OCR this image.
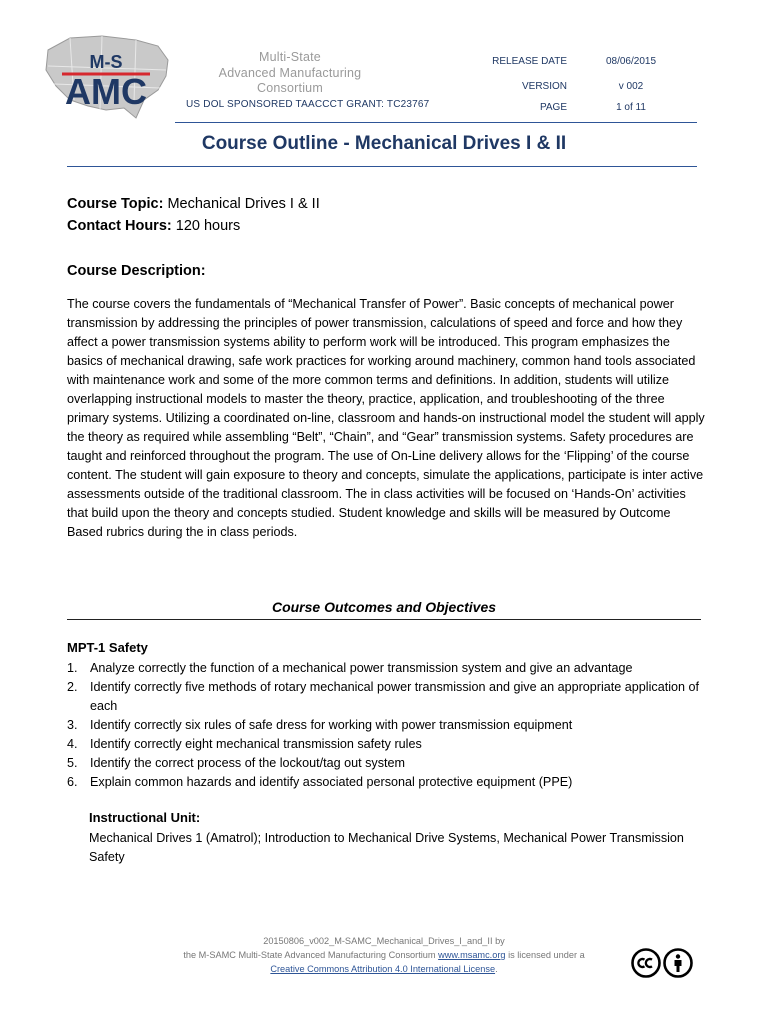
M-S
AMC
Multi-State
Advanced Manufacturing
Consortium
US DOL SPONSORED TAACCCT GRANT: TC23767
RELEASE DATE	08/06/2015
VERSION	v 002
PAGE	1 of 11
Course Outline - Mechanical Drives I & II
Course Topic: Mechanical Drives I & II
Contact Hours: 120 hours
Course Description:
The course covers the fundamentals of “Mechanical Transfer of Power”. Basic concepts of mechanical power transmission by addressing the principles of power transmission, calculations of speed and force and how they affect a power transmission systems ability to perform work will be introduced. This program emphasizes the basics of mechanical drawing, safe work practices for working around machinery, common hand tools associated with maintenance work and some of the more common terms and definitions. In addition, students will utilize overlapping instructional models to master the theory, practice, application, and troubleshooting of the three primary systems. Utilizing a coordinated on-line, classroom and hands-on instructional model the student will apply the theory as required while assembling “Belt”, “Chain”, and “Gear” transmission systems. Safety procedures are taught and reinforced throughout the program. The use of On-Line delivery allows for the ‘Flipping’ of the course content. The student will gain exposure to theory and concepts, simulate the applications, participate is inter active assessments outside of the traditional classroom. The in class activities will be focused on ‘Hands-On’ activities that build upon the theory and concepts studied. Student knowledge and skills will be measured by Outcome Based rubrics during the in class periods.
Course Outcomes and Objectives
MPT-1 Safety
1. Analyze correctly the function of a mechanical power transmission system and give an advantage
2. Identify correctly five methods of rotary mechanical power transmission and give an appropriate application of each
3. Identify correctly six rules of safe dress for working with power transmission equipment
4. Identify correctly eight mechanical transmission safety rules
5. Identify the correct process of the lockout/tag out system
6. Explain common hazards and identify associated personal protective equipment (PPE)
Instructional Unit:
Mechanical Drives 1 (Amatrol); Introduction to Mechanical Drive Systems, Mechanical Power Transmission Safety
20150806_v002_M-SAMC_Mechanical_Drives_I_and_II by
the M-SAMC Multi-State Advanced Manufacturing Consortium www.msamc.org is licensed under a
Creative Commons Attribution 4.0 International License.
